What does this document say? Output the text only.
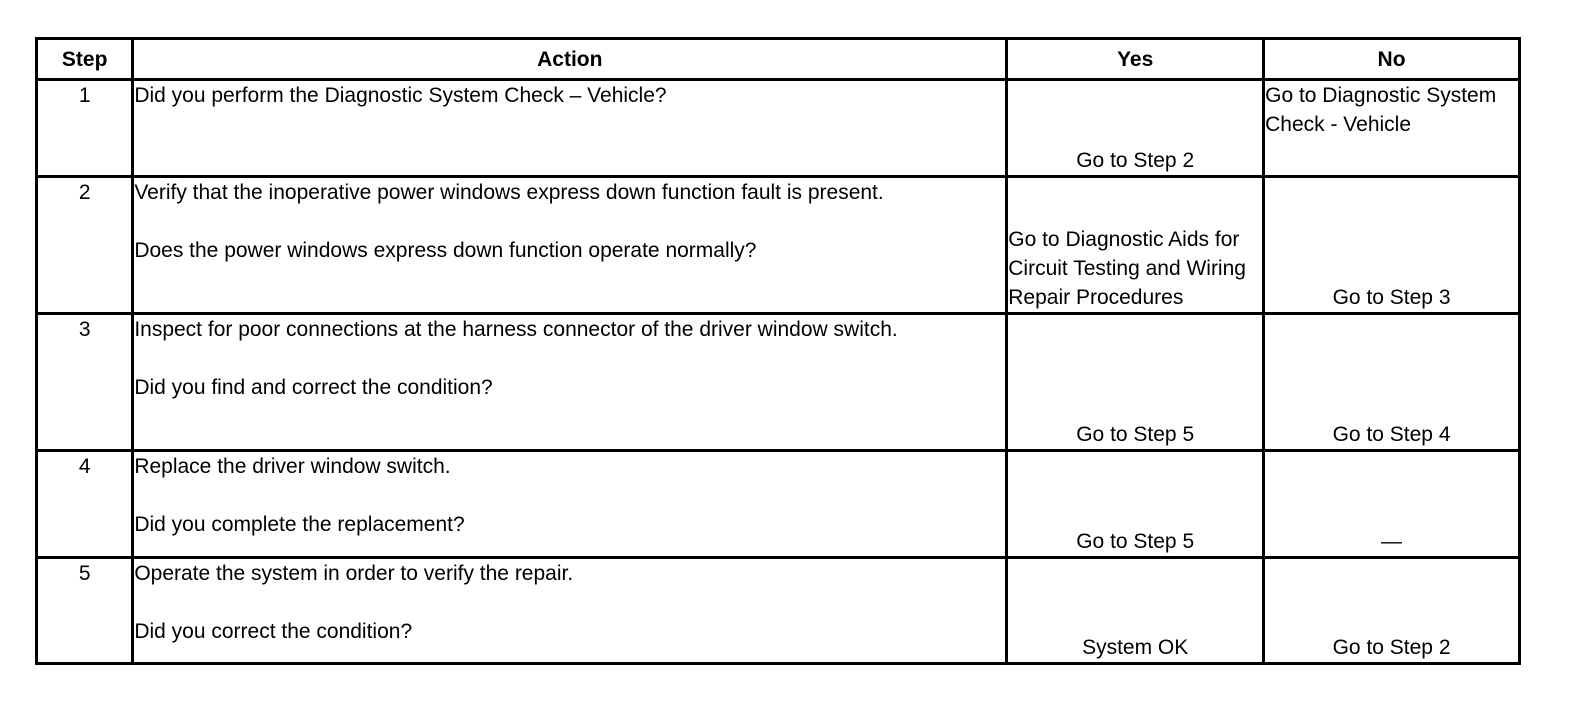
Step	Action	Yes	No
1	Did you perform the Diagnostic System Check – Vehicle?	Go to Step 2	Go to Diagnostic System Check - Vehicle

2	Verify that the inoperative power windows express down function fault is present.
Does the power windows express down function operate normally?	Go to Diagnostic Aids for Circuit Testing and Wiring Repair Procedures	Go to Step 3

3	Inspect for poor connections at the harness connector of the driver window switch.
Did you find and correct the condition?	Go to Step 5	Go to Step 4

4	Replace the driver window switch.
Did you complete the replacement?	Go to Step 5	—

5	Operate the system in order to verify the repair.
Did you correct the condition?	System OK	Go to Step 2
